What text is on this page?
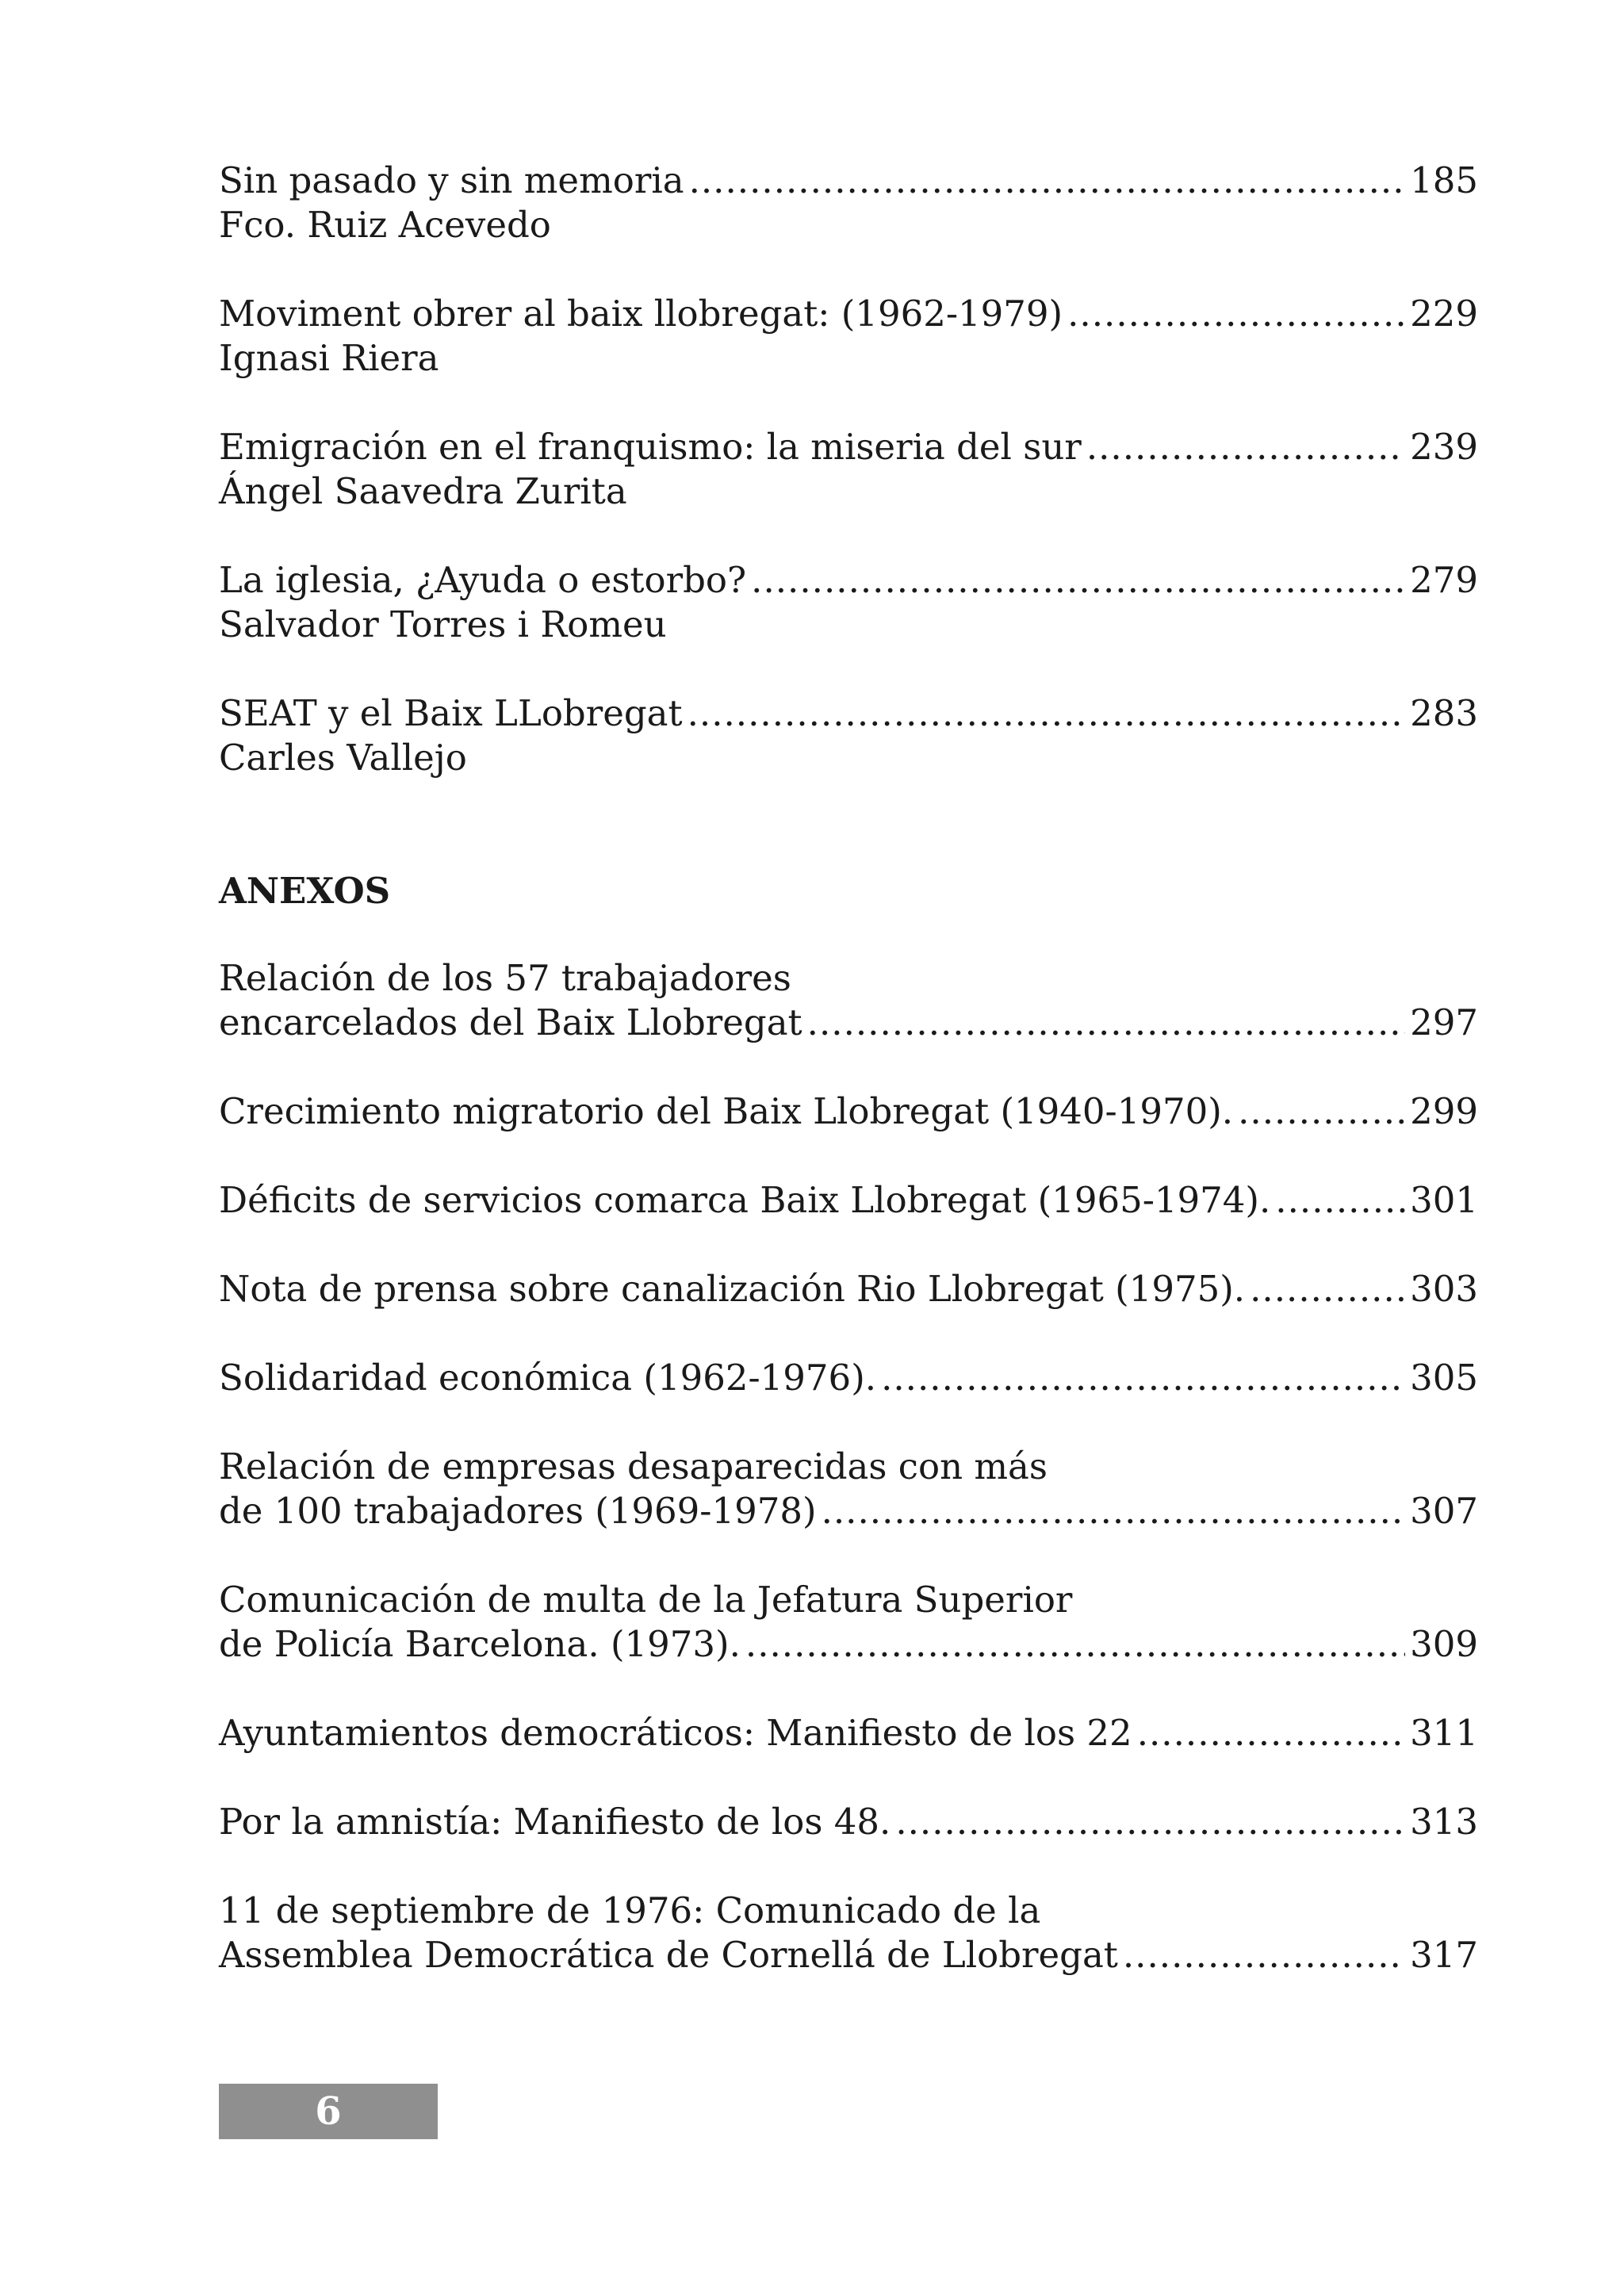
Sin pasado y sin memoria .....	185
Fco. Ruiz Acevedo
Moviment obrer al baix llobregat: (1962-1979) .....	229
Ignasi Riera
Emigración en el franquismo: la miseria del sur .....	239
Ángel Saavedra Zurita
La iglesia, ¿Ayuda o estorbo? .....	279
Salvador Torres i Romeu
SEAT y el Baix LLobregat .....	283
Carles Vallejo
ANEXOS
Relación de los 57 trabajadores
encarcelados del Baix Llobregat .....	297
Crecimiento migratorio del Baix Llobregat (1940-1970). .....	299
Déficits de servicios comarca Baix Llobregat (1965-1974). .....	301
Nota de prensa sobre canalización Rio Llobregat (1975). .....	303
Solidaridad económica (1962-1976). .....	305
Relación de empresas desaparecidas con más
de 100 trabajadores (1969-1978) .....	307
Comunicación de multa de la Jefatura Superior
de Policía Barcelona. (1973). .....	309
Ayuntamientos democráticos: Manifiesto de los 22 .....	311
Por la amnistía: Manifiesto de los 48. .....	313
11 de septiembre de 1976: Comunicado de la
Assemblea Democrática de Cornellá de Llobregat .....	317
6
